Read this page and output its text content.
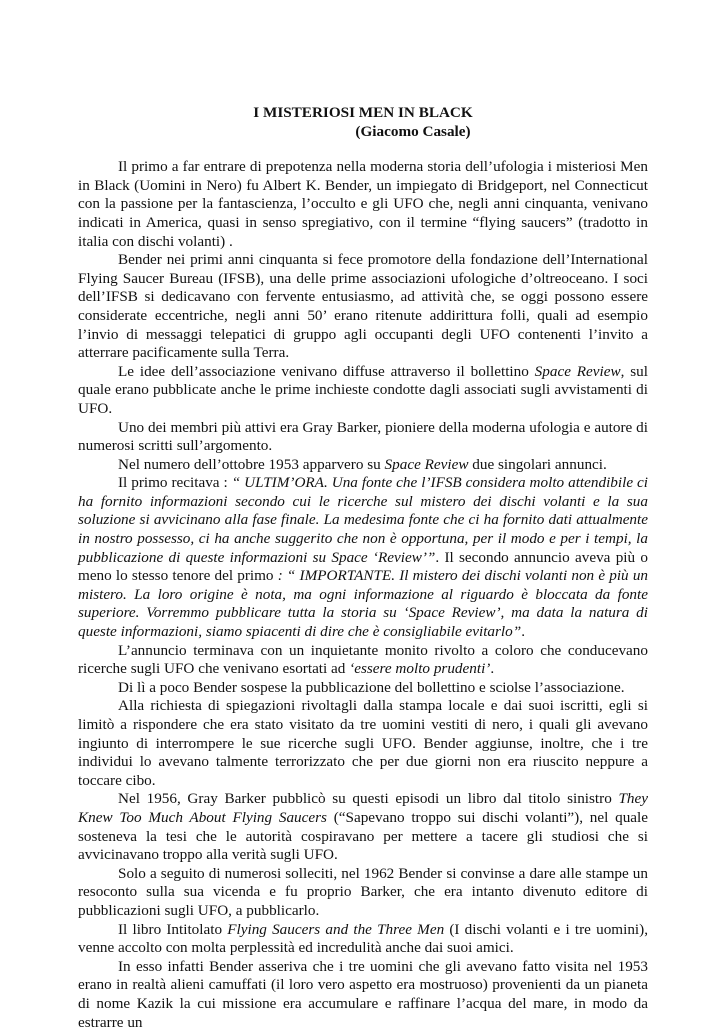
I MISTERIOSI MEN IN BLACK
(Giacomo Casale)

Il primo a far entrare di prepotenza nella moderna storia dell’ufologia i misteriosi Men in Black (Uomini in Nero) fu Albert K. Bender, un impiegato di Bridgeport, nel Connecticut con la passione per la fantascienza, l’occulto e gli UFO che, negli anni cinquanta, venivano indicati in America, quasi in senso spregiativo, con il termine “flying saucers” (tradotto in italia con dischi volanti) .

Bender nei primi anni cinquanta si fece promotore della fondazione dell’International Flying Saucer Bureau (IFSB), una delle prime associazioni ufologiche d’oltreoceano. I soci dell’IFSB si dedicavano con fervente entusiasmo, ad attività che, se oggi possono essere considerate eccentriche, negli anni 50’ erano ritenute addirittura folli, quali ad esempio l’invio di messaggi telepatici di gruppo agli occupanti degli UFO contenenti l’invito a atterrare pacificamente sulla Terra.

Le idee dell’associazione venivano diffuse attraverso il bollettino Space Review, sul quale erano pubblicate anche le prime inchieste condotte dagli associati sugli avvistamenti di UFO.

Uno dei membri più attivi era Gray Barker, pioniere della moderna ufologia e autore di numerosi scritti sull’argomento.

Nel numero dell’ottobre 1953 apparvero su Space Review due singolari annunci.

Il primo recitava : “ ULTIM’ORA. Una fonte che l’IFSB considera molto attendibile ci ha fornito informazioni secondo cui le ricerche sul mistero dei dischi volanti e la sua soluzione si avvicinano alla fase finale. La medesima fonte che ci ha fornito dati attualmente in nostro possesso, ci ha anche suggerito che non è opportuna, per il modo e per i tempi, la pubblicazione di queste informazioni su Space ‘Review’”. Il secondo annuncio aveva più o meno lo stesso tenore del primo : “ IMPORTANTE. Il mistero dei dischi volanti non è più un mistero. La loro origine è nota, ma ogni informazione al riguardo è bloccata da fonte superiore. Vorremmo pubblicare tutta la storia su ‘Space Review’, ma data la natura di queste informazioni, siamo spiacenti di dire che è consigliabile evitarlo”.

L’annuncio terminava con un inquietante monito rivolto a coloro che conducevano ricerche sugli UFO che venivano esortati ad ‘essere molto prudenti’.

Di lì a poco Bender sospese la pubblicazione del bollettino e sciolse l’associazione.

Alla richiesta di spiegazioni rivoltagli dalla stampa locale e dai suoi iscritti, egli si limitò a rispondere che era stato visitato da tre uomini vestiti di nero, i quali gli avevano ingiunto di interrompere le sue ricerche sugli UFO. Bender aggiunse, inoltre, che i tre individui lo avevano talmente terrorizzato che per due giorni non era riuscito neppure a toccare cibo.

Nel 1956, Gray Barker pubblicò su questi episodi un libro dal titolo sinistro They Knew Too Much About Flying Saucers (“Sapevano troppo sui dischi volanti”), nel quale sosteneva la tesi che le autorità cospiravano per mettere a tacere gli studiosi che si avvicinavano troppo alla verità sugli UFO.

Solo a seguito di numerosi solleciti, nel 1962 Bender si convinse a dare alle stampe un resoconto sulla sua vicenda e fu proprio Barker, che era intanto divenuto editore di pubblicazioni sugli UFO, a pubblicarlo.

Il libro Intitolato Flying Saucers and the Three Men (I dischi volanti e i tre uomini), venne accolto con molta perplessità ed incredulità anche dai suoi amici.

In esso infatti Bender asseriva che i tre uomini che gli avevano fatto visita nel 1953 erano in realtà alieni camuffati (il loro vero aspetto era mostruoso) provenienti da un pianeta di nome Kazik la cui missione era accumulare e raffinare l’acqua del mare, in modo da estrarre un
